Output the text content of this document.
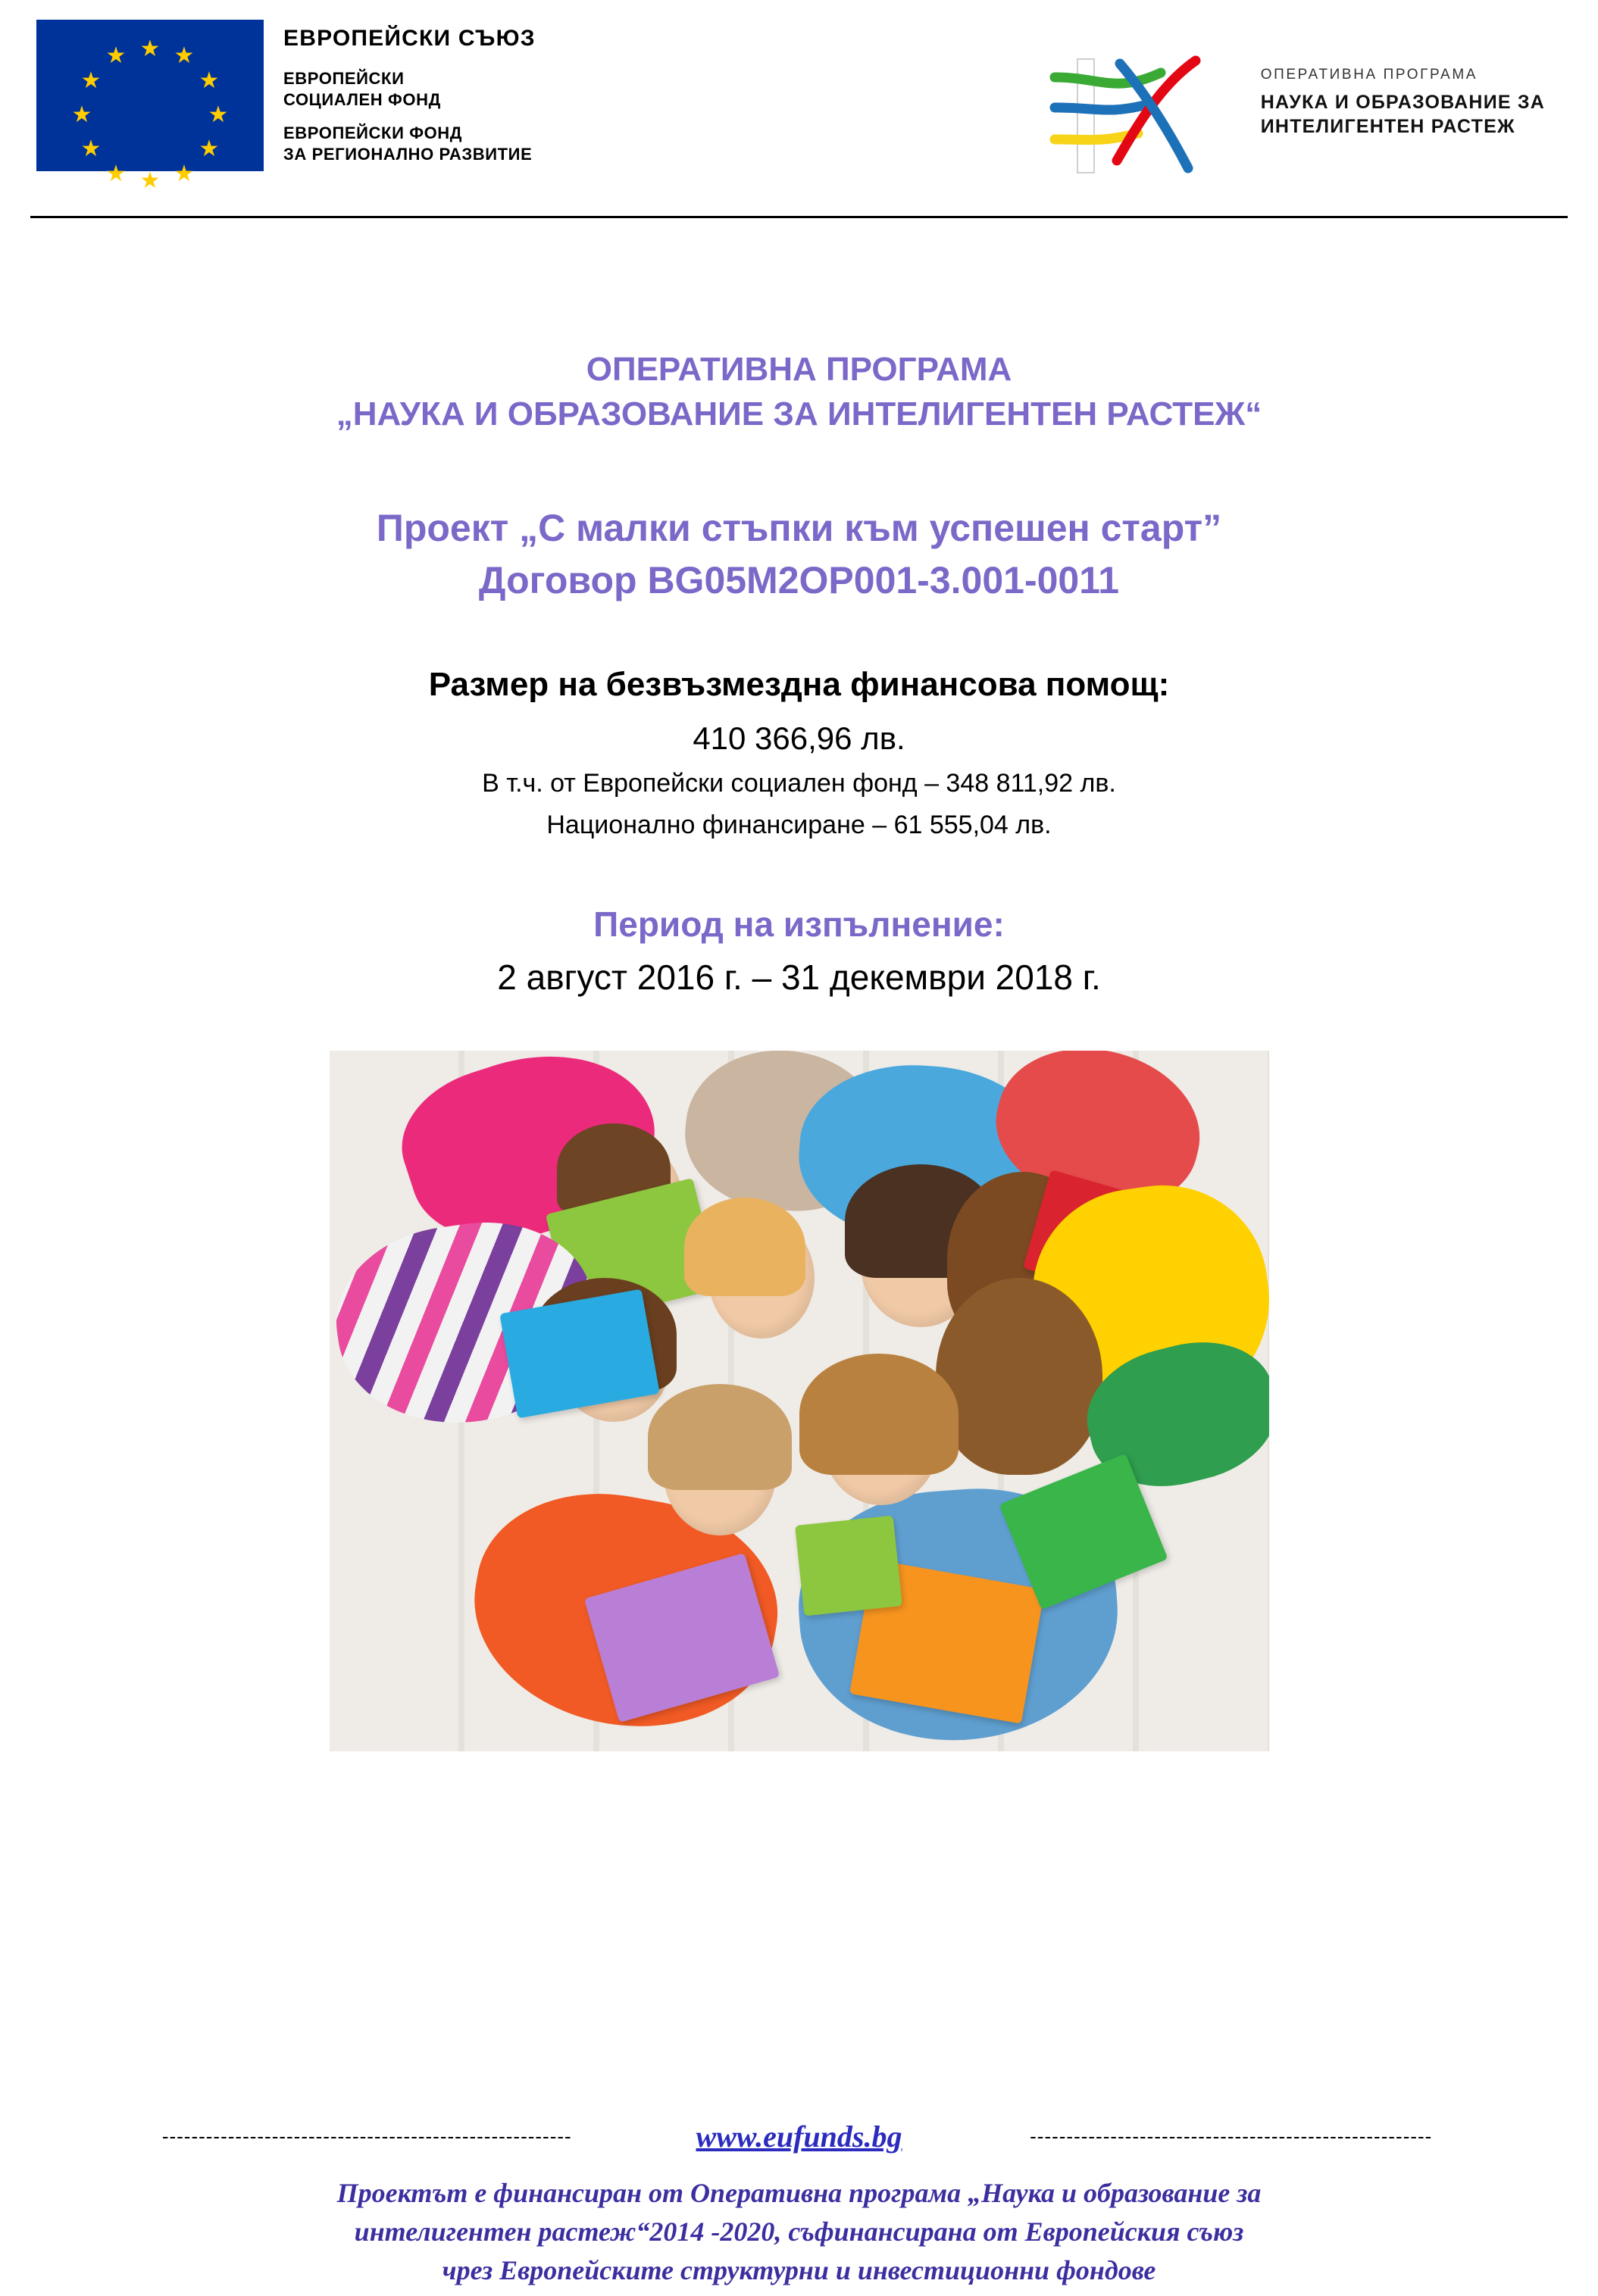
★ ★
★
★
★
★
★
★
★
★
★
★
ЕВРОПЕЙСКИ СЪЮЗ
ЕВРОПЕЙСКИ
СОЦИАЛЕН ФОНД
ЕВРОПЕЙСКИ ФОНД
ЗА РЕГИОНАЛНО РАЗВИТИЕ
ОПЕРАТИВНА ПРОГРАМА
НАУКА И ОБРАЗОВАНИЕ ЗА
ИНТЕЛИГЕНТЕН РАСТЕЖ
ОПЕРАТИВНА ПРОГРАМА
„НАУКА И ОБРАЗОВАНИЕ ЗА ИНТЕЛИГЕНТЕН РАСТЕЖ“
Проект „С малки стъпки към успешен старт”
Договор BG05M2OP001-3.001-0011
Размер на безвъзмездна финансова помощ:
410 366,96 лв.
В т.ч. от Европейски социален фонд – 348 811,92 лв.
Национално финансиране – 61 555,04 лв.
Период на изпълнение:
2 август 2016 г. – 31 декември 2018 г.
--------------------------------------------------------	www.eufunds.bg	-------------------------------------------------------
Проектът е финансиран от Оперативна програма „Наука и образование за
интелигентен растеж“2014 -2020, съфинансирана от Европейския съюз
чрез Европейските структурни и инвестиционни фондове
